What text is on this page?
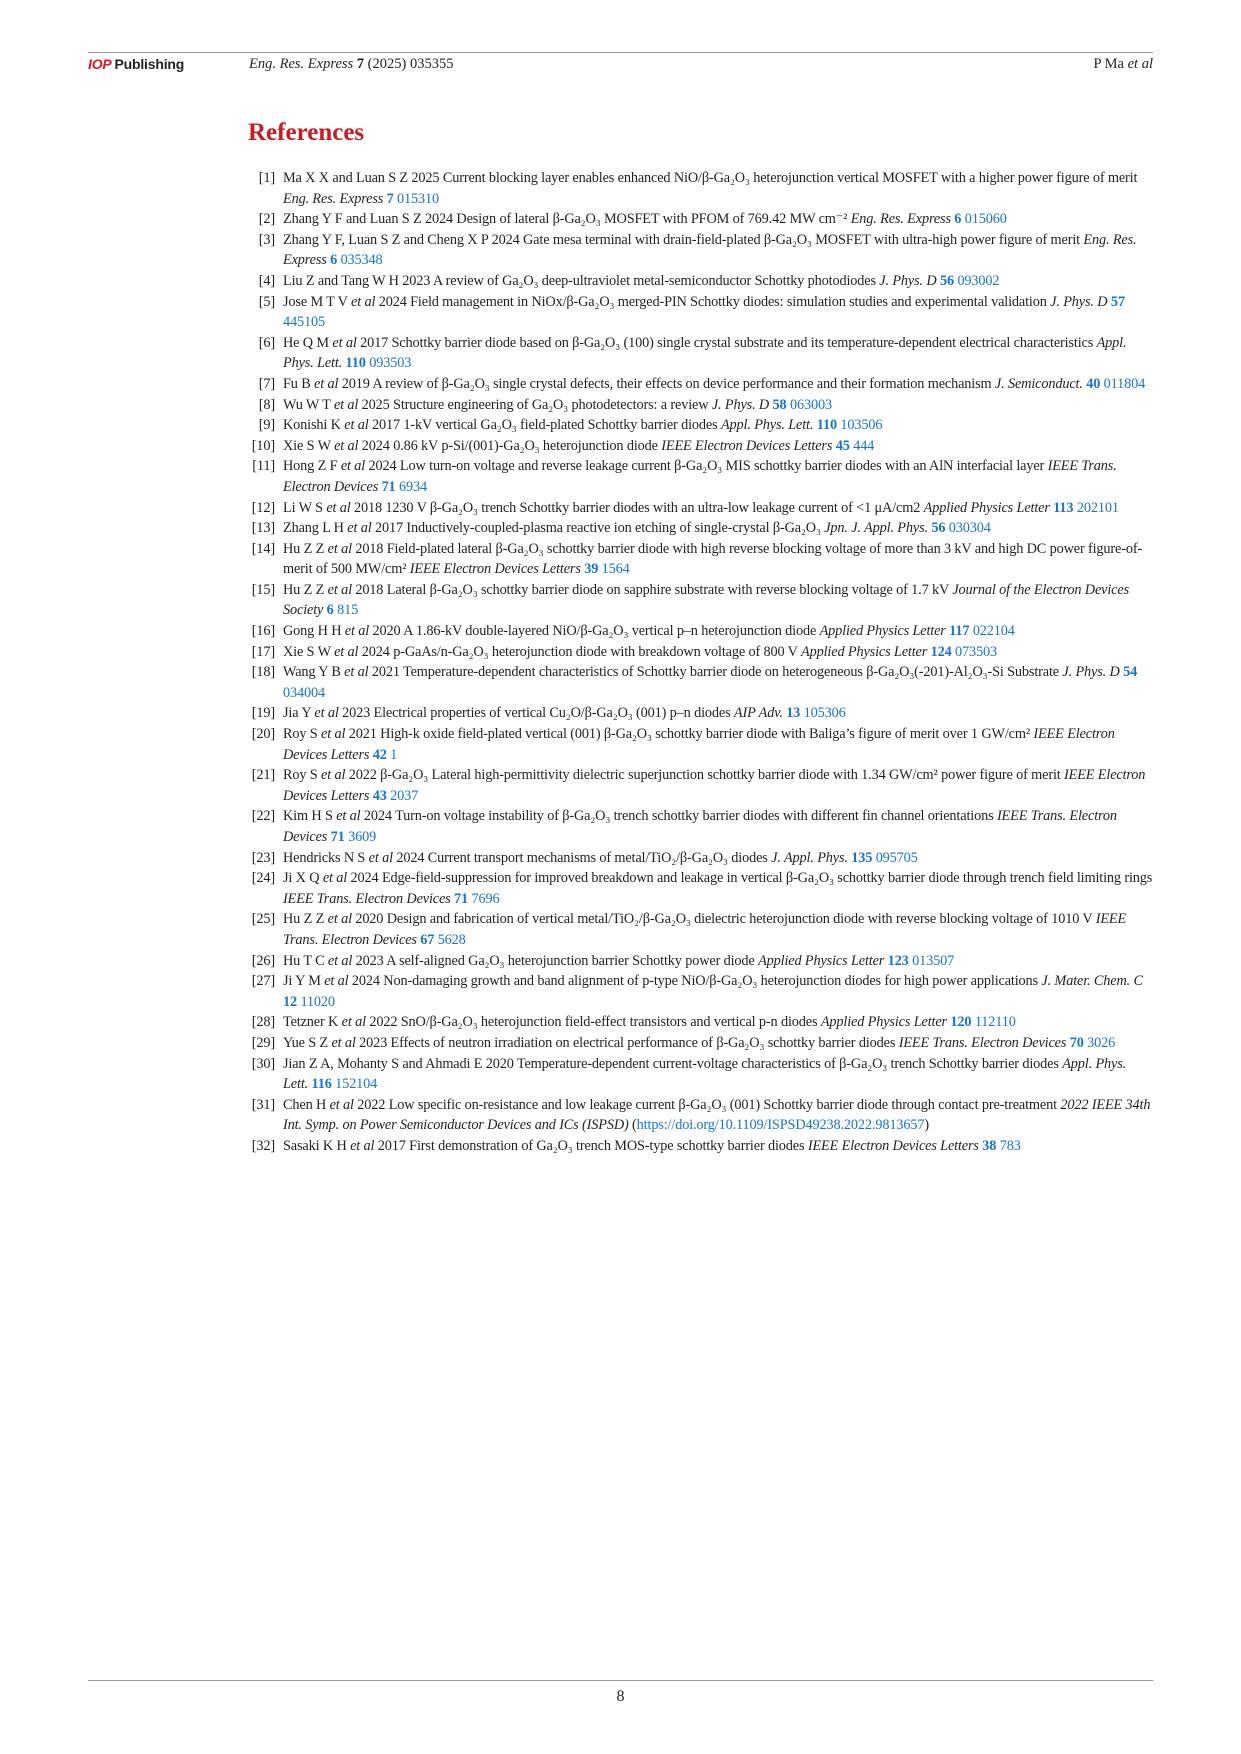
IOP Publishing	Eng. Res. Express 7 (2025) 035355	P Ma et al
References
[1] Ma X X and Luan S Z 2025 Current blocking layer enables enhanced NiO/β-Ga₂O₃ heterojunction vertical MOSFET with a higher power figure of merit Eng. Res. Express 7 015310
[2] Zhang Y F and Luan S Z 2024 Design of lateral β-Ga₂O₃ MOSFET with PFOM of 769.42 MW cm⁻² Eng. Res. Express 6 015060
[3] Zhang Y F, Luan S Z and Cheng X P 2024 Gate mesa terminal with drain-field-plated β-Ga₂O₃ MOSFET with ultra-high power figure of merit Eng. Res. Express 6 035348
[4] Liu Z and Tang W H 2023 A review of Ga₂O₃ deep-ultraviolet metal-semiconductor Schottky photodiodes J. Phys. D 56 093002
[5] Jose M T V et al 2024 Field management in NiOx/β-Ga₂O₃ merged-PIN Schottky diodes: simulation studies and experimental validation J. Phys. D 57 445105
[6] He Q M et al 2017 Schottky barrier diode based on β-Ga₂O₃ (100) single crystal substrate and its temperature-dependent electrical characteristics Appl. Phys. Lett. 110 093503
[7] Fu B et al 2019 A review of β-Ga₂O₃ single crystal defects, their effects on device performance and their formation mechanism J. Semiconduct. 40 011804
[8] Wu W T et al 2025 Structure engineering of Ga₂O₃ photodetectors: a review J. Phys. D 58 063003
[9] Konishi K et al 2017 1-kV vertical Ga₂O₃ field-plated Schottky barrier diodes Appl. Phys. Lett. 110 103506
[10] Xie S W et al 2024 0.86 kV p-Si/(001)-Ga₂O₃ heterojunction diode IEEE Electron Devices Letters 45 444
[11] Hong Z F et al 2024 Low turn-on voltage and reverse leakage current β-Ga₂O₃ MIS schottky barrier diodes with an AlN interfacial layer IEEE Trans. Electron Devices 71 6934
[12] Li W S et al 2018 1230 V β-Ga₂O₃ trench Schottky barrier diodes with an ultra-low leakage current of <1 μA/cm2 Applied Physics Letter 113 202101
[13] Zhang L H et al 2017 Inductively-coupled-plasma reactive ion etching of single-crystal β-Ga₂O₃ Jpn. J. Appl. Phys. 56 030304
[14] Hu Z Z et al 2018 Field-plated lateral β-Ga₂O₃ schottky barrier diode with high reverse blocking voltage of more than 3 kV and high DC power figure-of-merit of 500 MW/cm² IEEE Electron Devices Letters 39 1564
[15] Hu Z Z et al 2018 Lateral β-Ga₂O₃ schottky barrier diode on sapphire substrate with reverse blocking voltage of 1.7 kV Journal of the Electron Devices Society 6 815
[16] Gong H H et al 2020 A 1.86-kV double-layered NiO/β-Ga₂O₃ vertical p–n heterojunction diode Applied Physics Letter 117 022104
[17] Xie S W et al 2024 p-GaAs/n-Ga₂O₃ heterojunction diode with breakdown voltage of 800 V Applied Physics Letter 124 073503
[18] Wang Y B et al 2021 Temperature-dependent characteristics of Schottky barrier diode on heterogeneous β-Ga₂O₃(-201)-Al₂O₃-Si Substrate J. Phys. D 54 034004
[19] Jia Y et al 2023 Electrical properties of vertical Cu₂O/β-Ga₂O₃ (001) p–n diodes AIP Adv. 13 105306
[20] Roy S et al 2021 High-k oxide field-plated vertical (001) β-Ga₂O₃ schottky barrier diode with Baliga’s figure of merit over 1 GW/cm² IEEE Electron Devices Letters 42 1
[21] Roy S et al 2022 β-Ga₂O₃ Lateral high-permittivity dielectric superjunction schottky barrier diode with 1.34 GW/cm² power figure of merit IEEE Electron Devices Letters 43 2037
[22] Kim H S et al 2024 Turn-on voltage instability of β-Ga₂O₃ trench schottky barrier diodes with different fin channel orientations IEEE Trans. Electron Devices 71 3609
[23] Hendricks N S et al 2024 Current transport mechanisms of metal/TiO₂/β-Ga₂O₃ diodes J. Appl. Phys. 135 095705
[24] Ji X Q et al 2024 Edge-field-suppression for improved breakdown and leakage in vertical β-Ga₂O₃ schottky barrier diode through trench field limiting rings IEEE Trans. Electron Devices 71 7696
[25] Hu Z Z et al 2020 Design and fabrication of vertical metal/TiO₂/β-Ga₂O₃ dielectric heterojunction diode with reverse blocking voltage of 1010 V IEEE Trans. Electron Devices 67 5628
[26] Hu T C et al 2023 A self-aligned Ga₂O₃ heterojunction barrier Schottky power diode Applied Physics Letter 123 013507
[27] Ji Y M et al 2024 Non-damaging growth and band alignment of p-type NiO/β-Ga₂O₃ heterojunction diodes for high power applications J. Mater. Chem. C 12 11020
[28] Tetzner K et al 2022 SnO/β-Ga₂O₃ heterojunction field-effect transistors and vertical p-n diodes Applied Physics Letter 120 112110
[29] Yue S Z et al 2023 Effects of neutron irradiation on electrical performance of β-Ga₂O₃ schottky barrier diodes IEEE Trans. Electron Devices 70 3026
[30] Jian Z A, Mohanty S and Ahmadi E 2020 Temperature-dependent current-voltage characteristics of β-Ga₂O₃ trench Schottky barrier diodes Appl. Phys. Lett. 116 152104
[31] Chen H et al 2022 Low specific on-resistance and low leakage current β-Ga₂O₃ (001) Schottky barrier diode through contact pre-treatment 2022 IEEE 34th Int. Symp. on Power Semiconductor Devices and ICs (ISPSD) (https://doi.org/10.1109/ISPSD49238.2022.9813657)
[32] Sasaki K H et al 2017 First demonstration of Ga₂O₃ trench MOS-type schottky barrier diodes IEEE Electron Devices Letters 38 783
8
